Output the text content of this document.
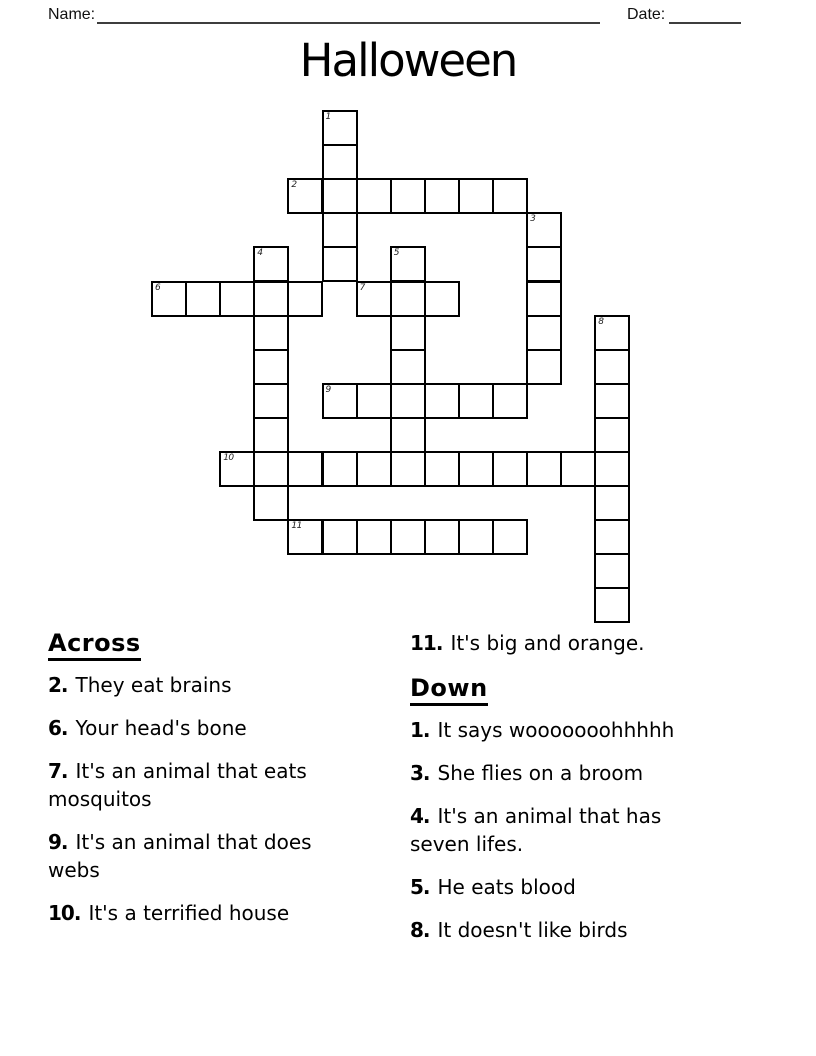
Name:	Date:
Halloween
1
2
3
4	5
6	7
8
9
10
11
Across
2. They eat brains
6. Your head's bone
7. It's an animal that eats
mosquitos
9. It's an animal that does
webs
10. It's a terrified house
11. It's big and orange.
Down
1. It says wooooooohhhhh
3. She flies on a broom
4. It's an animal that has
seven lifes.
5. He eats blood
8. It doesn't like birds
